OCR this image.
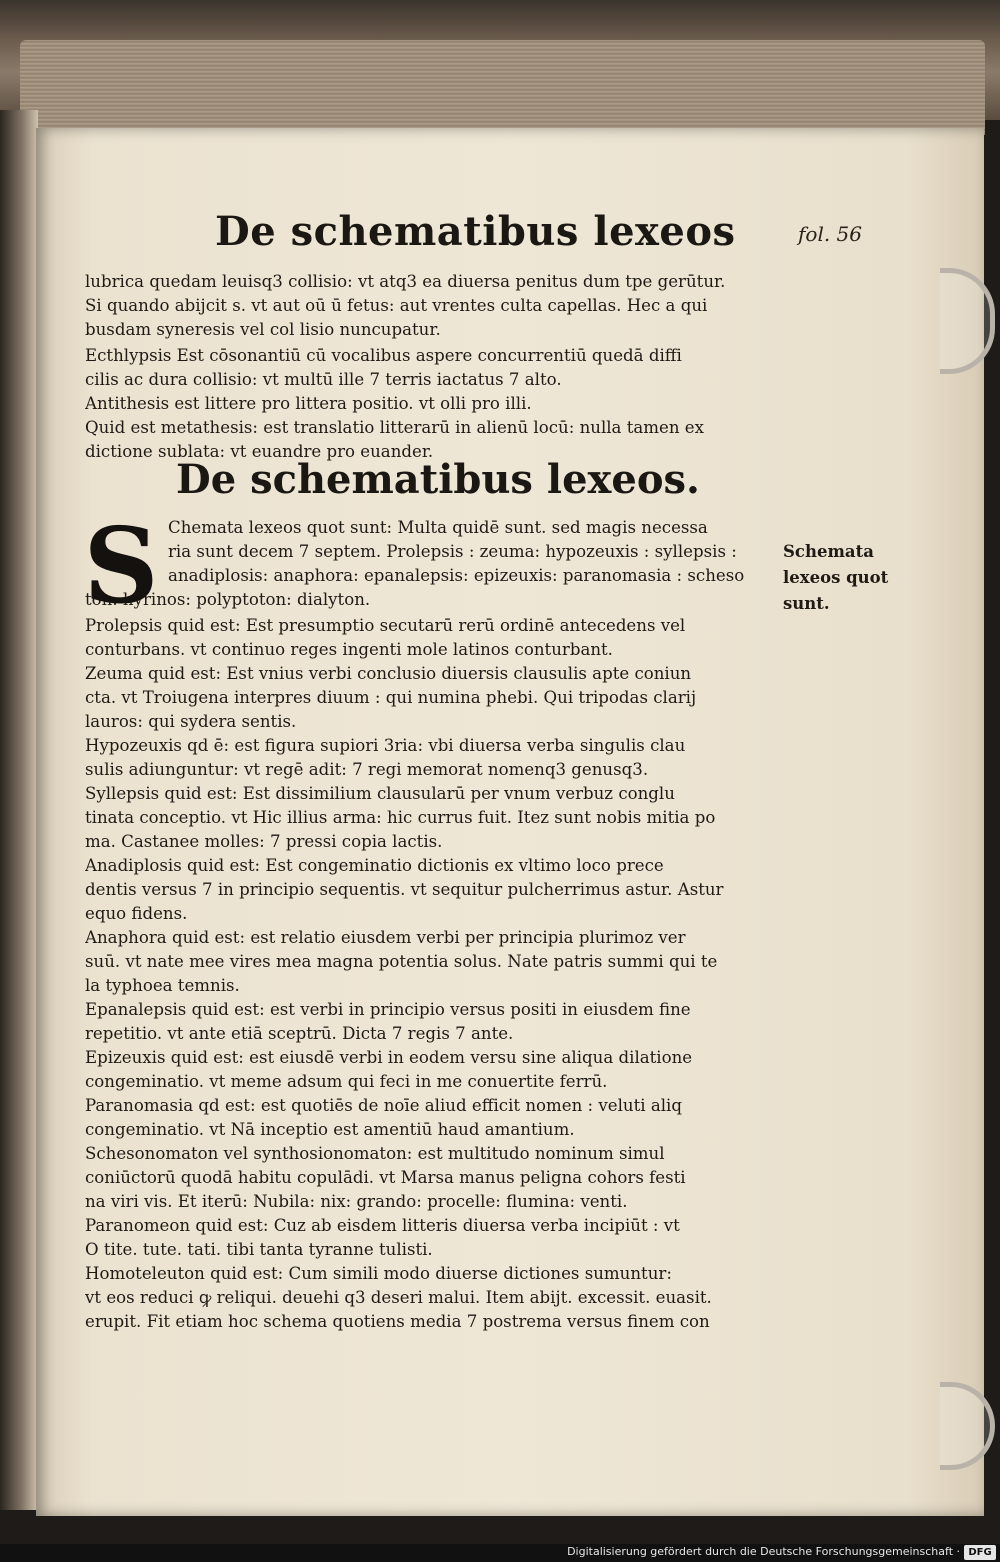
De schematibus lexeos	fol. 56
lubrica quedam leuisq3 collisio: vt atq3 ea diuersa penitus dum tpe gerūtur.
Si quando abijcit s. vt aut oū ū fetus: aut vrentes culta capellas. Hec a qui
busdam syneresis vel col lisio nuncupatur.
Ecthlypsis Est cōsonantiū cū vocalibus aspere concurrentiū quedā diffi
cilis ac dura collisio: vt multū ille 7 terris iactatus 7 alto.
Antithesis est littere pro littera positio. vt olli pro illi.
Quid est metathesis: est translatio litterarū in alienū locū: nulla tamen ex
dictione sublata: vt euandre pro euander.
Chemata lexeos quot sunt: Multa quidē sunt. sed magis necessa
ria sunt decem 7 septem. Prolepsis : zeuma: hypozeuxis : syllepsis :
anadiplosis: anaphora: epanalepsis: epizeuxis: paranomasia : scheso
ton. hyrinos: polyptoton: dialyton.
Prolepsis quid est: Est presumptio secutarū rerū ordinē antecedens vel
conturbans. vt continuo reges ingenti mole latinos conturbant.
Zeuma quid est: Est vnius verbi conclusio diuersis clausulis apte coniun
cta. vt Troiugena interpres diuum : qui numina phebi. Qui tripodas clarij
lauros: qui sydera sentis.
Hypozeuxis qd ē: est figura supiori 3ria: vbi diuersa verba singulis clau
sulis adiunguntur: vt regē adit: 7 regi memorat nomenq3 genusq3.
Syllepsis quid est: Est dissimilium clausularū per vnum verbuz conglu
tinata conceptio. vt Hic illius arma: hic currus fuit. Itez sunt nobis mitia po
ma. Castanee molles: 7 pressi copia lactis.
Anadiplosis quid est: Est congeminatio dictionis ex vltimo loco prece
dentis versus 7 in principio sequentis. vt sequitur pulcherrimus astur. Astur
equo fidens.
Anaphora quid est: est relatio eiusdem verbi per principia plurimoz ver
suū. vt nate mee vires mea magna potentia solus. Nate patris summi qui te
la typhoea temnis.
Epanalepsis quid est: est verbi in principio versus positi in eiusdem fine
repetitio. vt ante etiā sceptrū. Dicta 7 regis 7 ante.
Epizeuxis quid est: est eiusdē verbi in eodem versu sine aliqua dilatione
congeminatio. vt meme adsum qui feci in me conuertite ferrū.
Paranomasia qd est: est quotiēs de noīe aliud efficit nomen : veluti aliq
congeminatio. vt Nā inceptio est amentiū haud amantium.
Schesonomaton vel synthosionomaton: est multitudo nominum simul
coniūctorū quodā habitu copulādi. vt Marsa manus peligna cohors festi
na viri vis. Et iterū: Nubila: nix: grando: procelle: flumina: venti.
Paranomeon quid est: Cuz ab eisdem litteris diuersa verba incipiūt : vt
O tite. tute. tati. tibi tanta tyranne tulisti.
Homoteleuton quid est: Cum simili modo diuerse dictiones sumuntur:
vt eos reduci ꝙ reliqui. deuehi q3 deseri malui. Item abijt. excessit. euasit.
erupit. Fit etiam hoc schema quotiens media 7 postrema versus finem con
De schematibus lexeos.
S	Schemata
lexeos quot
sunt.
Digitalisierung gefördert durch die Deutsche Forschungsgemeinschaft · DFG
